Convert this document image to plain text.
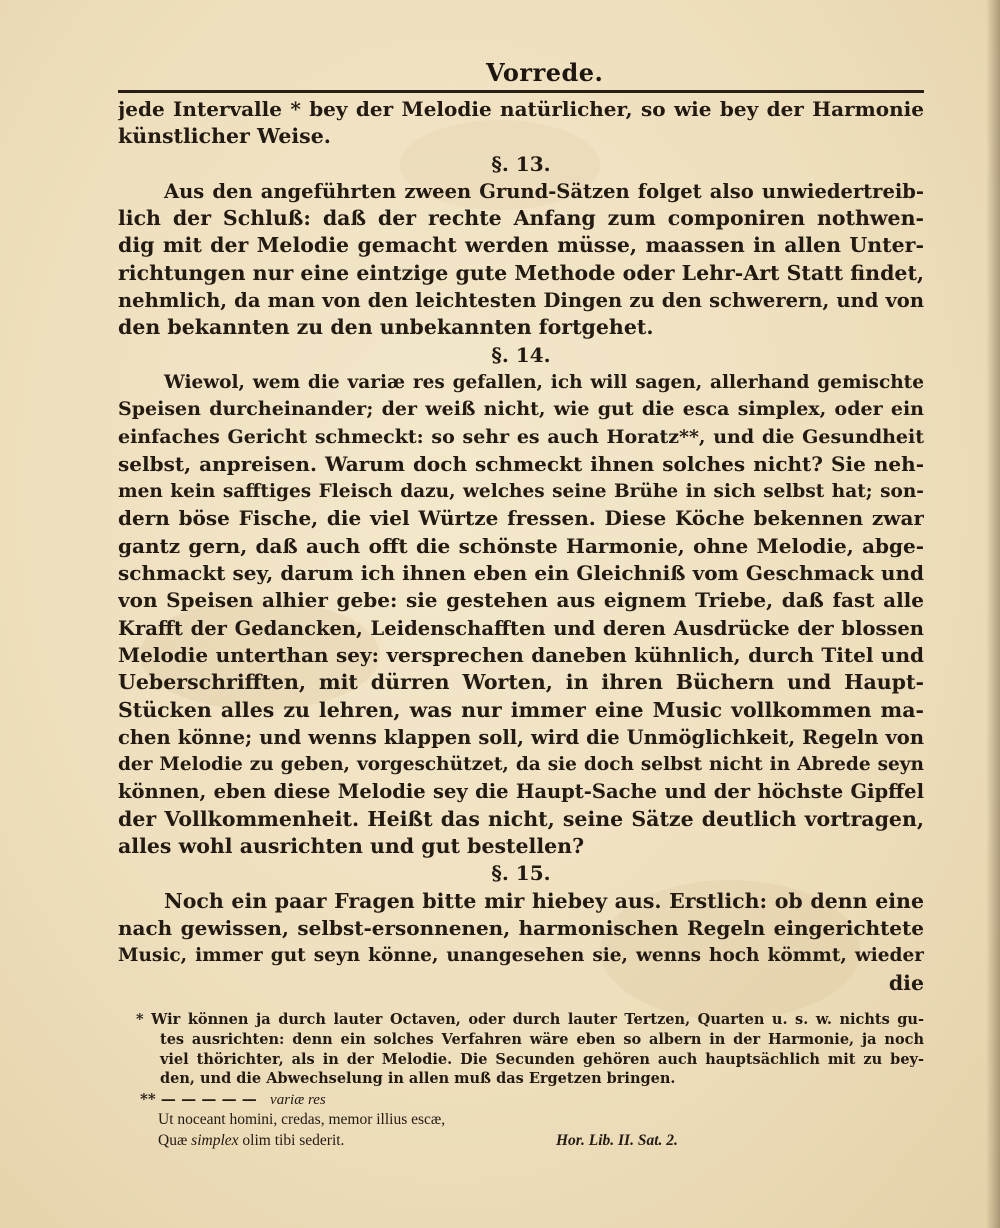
Vorrede.
jede Intervalle * bey der Melodie natürlicher, so wie bey der Harmonie
künstlicher Weise.
§. 13.
Aus den angeführten zween Grund-Sätzen folget also unwiedertreib-
lich der Schluß: daß der rechte Anfang zum componiren nothwen-
dig mit der Melodie gemacht werden müsse, maassen in allen Unter-
richtungen nur eine eintzige gute Methode oder Lehr-Art Statt findet,
nehmlich, da man von den leichtesten Dingen zu den schwerern, und von
den bekannten zu den unbekannten fortgehet.
§. 14.
Wiewol, wem die variæ res gefallen, ich will sagen, allerhand gemischte
Speisen durcheinander; der weiß nicht, wie gut die esca simplex, oder ein
einfaches Gericht schmeckt: so sehr es auch Horatz**, und die Gesundheit
selbst, anpreisen. Warum doch schmeckt ihnen solches nicht? Sie neh-
men kein safftiges Fleisch dazu, welches seine Brühe in sich selbst hat; son-
dern böse Fische, die viel Würtze fressen. Diese Köche bekennen zwar
gantz gern, daß auch offt die schönste Harmonie, ohne Melodie, abge-
schmackt sey, darum ich ihnen eben ein Gleichniß vom Geschmack und
von Speisen alhier gebe: sie gestehen aus eignem Triebe, daß fast alle
Krafft der Gedancken, Leidenschafften und deren Ausdrücke der blossen
Melodie unterthan sey: versprechen daneben kühnlich, durch Titel und
Ueberschrifften, mit dürren Worten, in ihren Büchern und Haupt-
Stücken alles zu lehren, was nur immer eine Music vollkommen ma-
chen könne; und wenns klappen soll, wird die Unmöglichkeit, Regeln von
der Melodie zu geben, vorgeschützet, da sie doch selbst nicht in Abrede seyn
können, eben diese Melodie sey die Haupt-Sache und der höchste Gipffel
der Vollkommenheit. Heißt das nicht, seine Sätze deutlich vortragen,
alles wohl ausrichten und gut bestellen?
§. 15.
Noch ein paar Fragen bitte mir hiebey aus. Erstlich: ob denn eine
nach gewissen, selbst-ersonnenen, harmonischen Regeln eingerichtete
Music, immer gut seyn könne, unangesehen sie, wenns hoch kömmt, wieder
die
* Wir können ja durch lauter Octaven, oder durch lauter Tertzen, Quarten u. s. w. nichts gu-
tes ausrichten: denn ein solches Verfahren wäre eben so albern in der Harmonie, ja noch
viel thörichter, als in der Melodie. Die Secunden gehören auch hauptsächlich mit zu bey-
den, und die Abwechselung in allen muß das Ergetzen bringen.
** — — — — — variæ res
Ut noceant homini, credas, memor illius escæ,
Quæ simplex olim tibi sederit.	Hor. Lib. II. Sat. 2.
